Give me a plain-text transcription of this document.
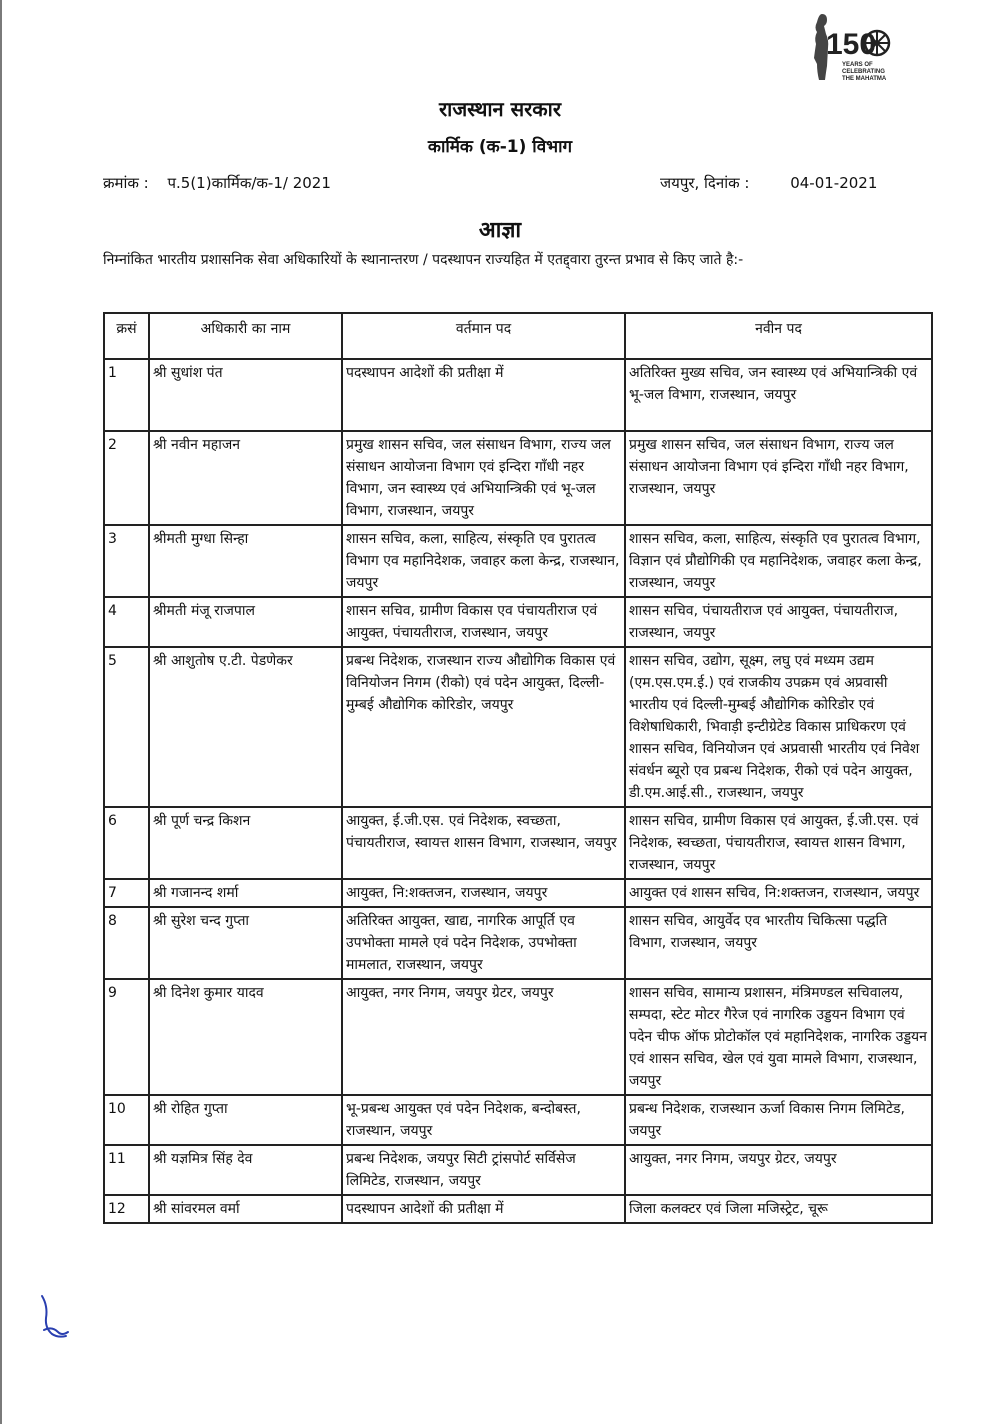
150
YEARS OF
CELEBRATING
THE MAHATMA
राजस्थान सरकार
कार्मिक (क-1) विभाग
क्रमांक : प.5(1)कार्मिक/क-1/ 2021	जयपुर, दिनांक :	04-01-2021
आज्ञा
निम्नांकित भारतीय प्रशासनिक सेवा अधिकारियों के स्थानान्तरण / पदस्थापन राज्यहित में एतद्द्वारा तुरन्त प्रभाव से किए जाते है:-
क्रसं	अधिकारी का नाम	वर्तमान पद	नवीन पद
1	श्री सुधांश पंत	पदस्थापन आदेशों की प्रतीक्षा में	अतिरिक्त मुख्य सचिव, जन स्वास्थ्य एवं अभियान्त्रिकी एवं भू-जल विभाग, राजस्थान, जयपुर
2	श्री नवीन महाजन	प्रमुख शासन सचिव, जल संसाधन विभाग, राज्य जल संसाधन आयोजना विभाग एवं इन्दिरा गाँधी नहर विभाग, जन स्वास्थ्य एवं अभियान्त्रिकी एवं भू-जल विभाग, राजस्थान, जयपुर	प्रमुख शासन सचिव, जल संसाधन विभाग, राज्य जल संसाधन आयोजना विभाग एवं इन्दिरा गाँधी नहर विभाग, राजस्थान, जयपुर
3	श्रीमती मुग्धा सिन्हा	शासन सचिव, कला, साहित्य, संस्कृति एव पुरातत्व विभाग एव महानिदेशक, जवाहर कला केन्द्र, राजस्थान, जयपुर	शासन सचिव, कला, साहित्य, संस्कृति एव पुरातत्व विभाग, विज्ञान एवं प्रौद्योगिकी एव महानिदेशक, जवाहर कला केन्द्र, राजस्थान, जयपुर
4	श्रीमती मंजू राजपाल	शासन सचिव, ग्रामीण विकास एव पंचायतीराज एवं आयुक्त, पंचायतीराज, राजस्थान, जयपुर	शासन सचिव, पंचायतीराज एवं आयुक्त, पंचायतीराज, राजस्थान, जयपुर
5	श्री आशुतोष ए.टी. पेडणेकर	प्रबन्ध निदेशक, राजस्थान राज्य औद्योगिक विकास एवं विनियोजन निगम (रीको) एवं पदेन आयुक्त, दिल्ली-मुम्बई औद्योगिक कोरिडोर, जयपुर	शासन सचिव, उद्योग, सूक्ष्म, लघु एवं मध्यम उद्यम (एम.एस.एम.ई.) एवं राजकीय उपक्रम एवं अप्रवासी भारतीय एवं दिल्ली-मुम्बई औद्योगिक कोरिडोर एवं विशेषाधिकारी, भिवाड़ी इन्टीग्रेटेड विकास प्राधिकरण एवं शासन सचिव, विनियोजन एवं अप्रवासी भारतीय एवं निवेश संवर्धन ब्यूरो एव प्रबन्ध निदेशक, रीको एवं पदेन आयुक्त, डी.एम.आई.सी., राजस्थान, जयपुर
6	श्री पूर्ण चन्द्र किशन	आयुक्त, ई.जी.एस. एवं निदेशक, स्वच्छता, पंचायतीराज, स्वायत्त शासन विभाग, राजस्थान, जयपुर	शासन सचिव, ग्रामीण विकास एवं आयुक्त, ई.जी.एस. एवं निदेशक, स्वच्छता, पंचायतीराज, स्वायत्त शासन विभाग, राजस्थान, जयपुर
7	श्री गजानन्द शर्मा	आयुक्त, नि:शक्तजन, राजस्थान, जयपुर	आयुक्त एवं शासन सचिव, नि:शक्तजन, राजस्थान, जयपुर
8	श्री सुरेश चन्द गुप्ता	अतिरिक्त आयुक्त, खाद्य, नागरिक आपूर्ति एव उपभोक्ता मामले एवं पदेन निदेशक, उपभोक्ता मामलात, राजस्थान, जयपुर	शासन सचिव, आयुर्वेद एव भारतीय चिकित्सा पद्धति विभाग, राजस्थान, जयपुर
9	श्री दिनेश कुमार यादव	आयुक्त, नगर निगम, जयपुर ग्रेटर, जयपुर	शासन सचिव, सामान्य प्रशासन, मंत्रिमण्डल सचिवालय, सम्पदा, स्टेट मोटर गैरेज एवं नागरिक उड्डयन विभाग एवं पदेन चीफ ऑफ प्रोटोकॉल एवं महानिदेशक, नागरिक उड्डयन एवं शासन सचिव, खेल एवं युवा मामले विभाग, राजस्थान, जयपुर
10	श्री रोहित गुप्ता	भू-प्रबन्ध आयुक्त एवं पदेन निदेशक, बन्दोबस्त, राजस्थान, जयपुर	प्रबन्ध निदेशक, राजस्थान ऊर्जा विकास निगम लिमिटेड, जयपुर
11	श्री यज्ञमित्र सिंह देव	प्रबन्ध निदेशक, जयपुर सिटी ट्रांसपोर्ट सर्विसेज लिमिटेड, राजस्थान, जयपुर	आयुक्त, नगर निगम, जयपुर ग्रेटर, जयपुर
12	श्री सांवरमल वर्मा	पदस्थापन आदेशों की प्रतीक्षा में	जिला कलक्टर एवं जिला मजिस्ट्रेट, चूरू
